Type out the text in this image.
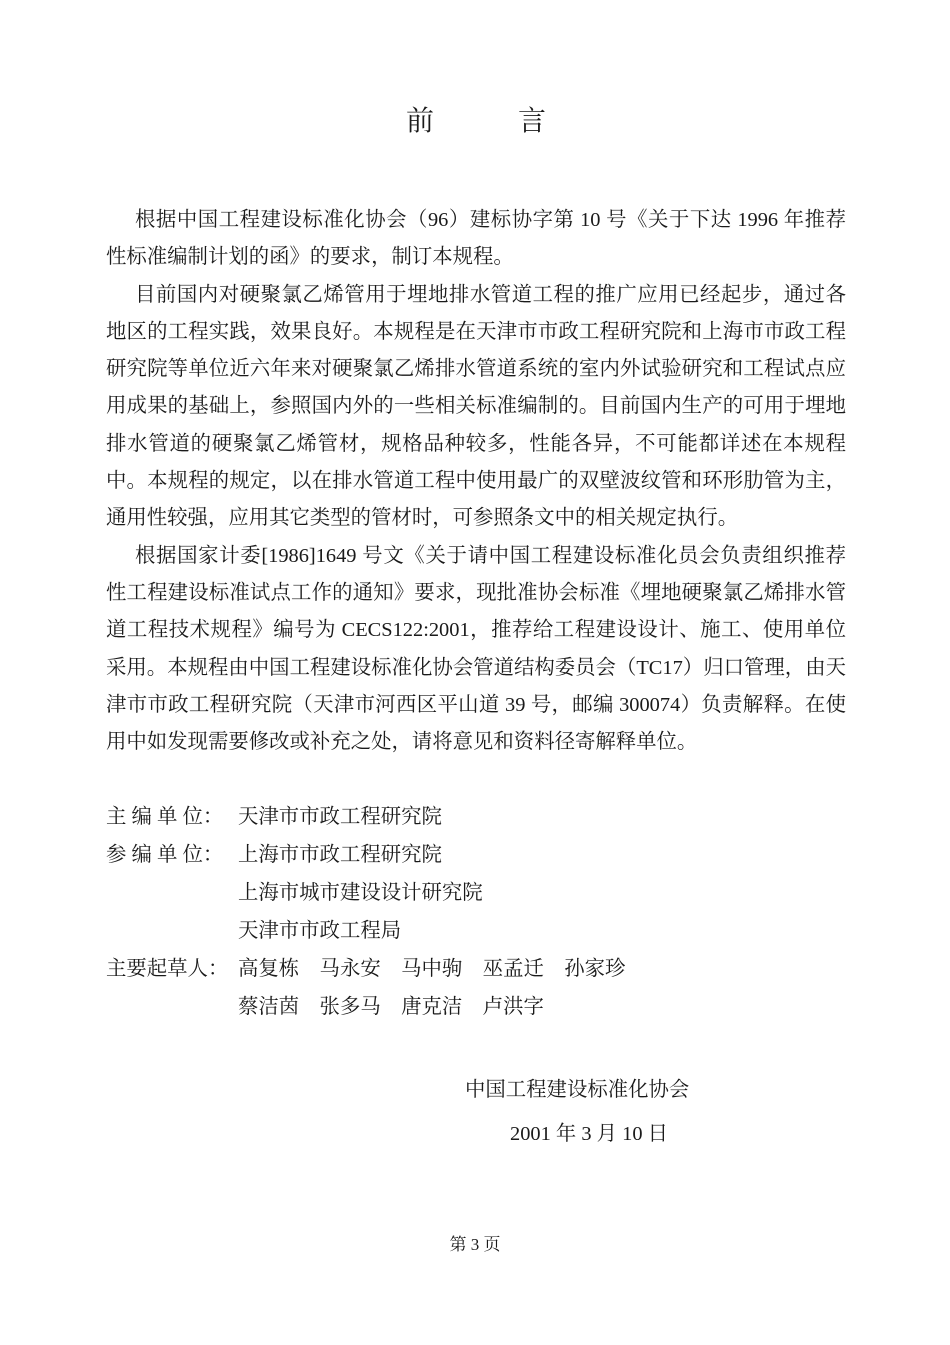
前　　　言

根据中国工程建设标准化协会（96）建标协字第 10 号《关于下达 1996 年推荐性标准编制计划的函》的要求，制订本规程。

目前国内对硬聚氯乙烯管用于埋地排水管道工程的推广应用已经起步，通过各地区的工程实践，效果良好。本规程是在天津市市政工程研究院和上海市市政工程研究院等单位近六年来对硬聚氯乙烯排水管道系统的室内外试验研究和工程试点应用成果的基础上，参照国内外的一些相关标准编制的。目前国内生产的可用于埋地排水管道的硬聚氯乙烯管材，规格品种较多，性能各异，不可能都详述在本规程中。本规程的规定，以在排水管道工程中使用最广的双壁波纹管和环形肋管为主，通用性较强，应用其它类型的管材时，可参照条文中的相关规定执行。

根据国家计委[1986]1649 号文《关于请中国工程建设标准化员会负责组织推荐性工程建设标准试点工作的通知》要求，现批准协会标准《埋地硬聚氯乙烯排水管道工程技术规程》编号为 CECS122:2001，推荐给工程建设设计、施工、使用单位采用。本规程由中国工程建设标准化协会管道结构委员会（TC17）归口管理，由天津市市政工程研究院（天津市河西区平山道 39 号，邮编 300074）负责解释。在使用中如发现需要修改或补充之处，请将意见和资料径寄解释单位。

主 编 单 位： 天津市市政工程研究院
参 编 单 位： 上海市市政工程研究院
上海市城市建设设计研究院
天津市市政工程局
主要起草人： 高复栋　马永安　马中驹　巫孟迁　孙家珍
蔡洁茵　张多马　唐克洁　卢洪字
中国工程建设标准化协会
2001 年 3 月 10 日
第 3 页
